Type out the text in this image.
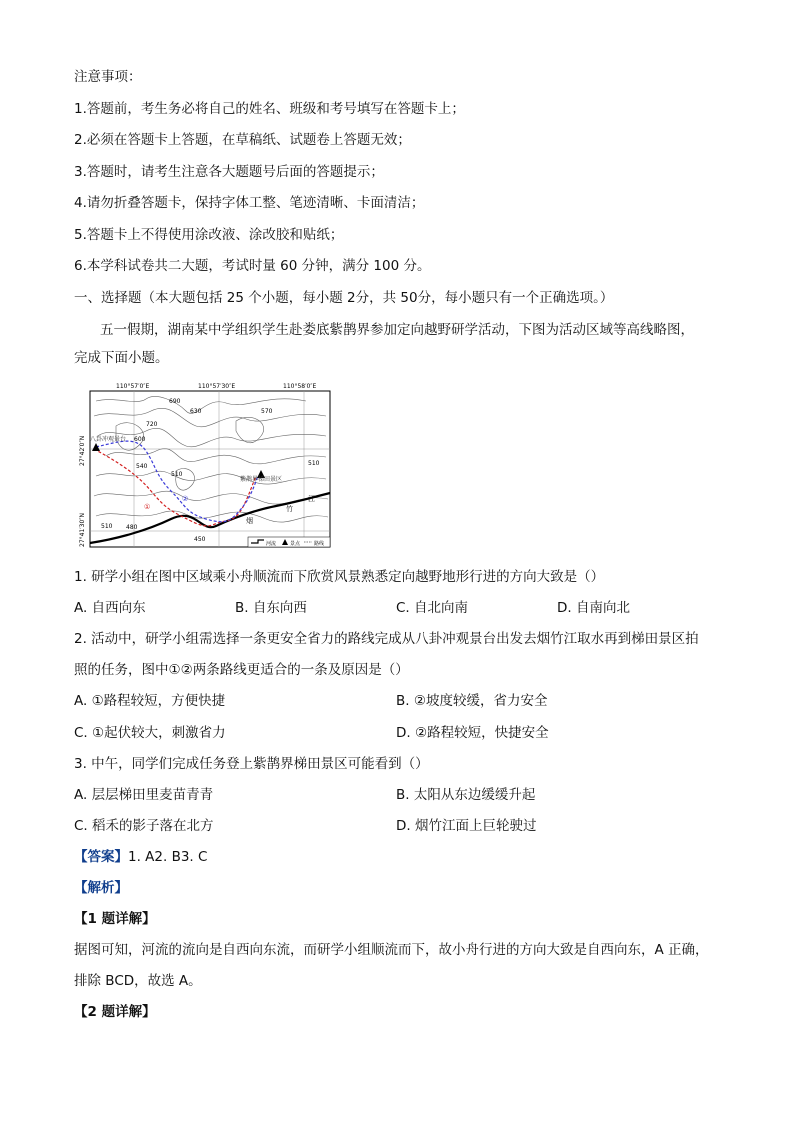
注意事项：
1.答题前，考生务必将自己的姓名、班级和考号填写在答题卡上；
2.必须在答题卡上答题，在草稿纸、试题卷上答题无效；
3.答题时，请考生注意各大题题号后面的答题提示；
4.请勿折叠答题卡，保持字体工整、笔迹清晰、卡面清洁；
5.答题卡上不得使用涂改液、涂改胶和贴纸；
6.本学科试卷共二大题，考试时量 60 分钟，满分 100 分。
一、选择题（本大题包括 25 个小题，每小题 2分，共 50分，每小题只有一个正确选项。）
五一假期，湖南某中学组织学生赴娄底紫鹊界参加定向越野研学活动，下图为活动区域等高线略图，
完成下面小题。
110°57′0″E	110°57′30″E	110°58′0″E
27°42′0″N
27°41′30″N
690
630
720
570
600
510
540	510
480
510
450
八卦冲观景台
紫鹊界梯田景区
烟
竹
江
①
②
河流	景点	路线
1. 研学小组在图中区域乘小舟顺流而下欣赏风景熟悉定向越野地形行进的方向大致是（）
A. 自西向东	B. 自东向西	C. 自北向南	D. 自南向北
2. 活动中，研学小组需选择一条更安全省力的路线完成从八卦冲观景台出发去烟竹江取水再到梯田景区拍
照的任务，图中①②两条路线更适合的一条及原因是（）
A. ①路程较短，方便快捷	B. ②坡度较缓，省力安全
C. ①起伏较大，刺激省力	D. ②路程较短，快捷安全
3. 中午，同学们完成任务登上紫鹊界梯田景区可能看到（）
A. 层层梯田里麦苗青青	B. 太阳从东边缓缓升起
C. 稻禾的影子落在北方	D. 烟竹江面上巨轮驶过
【答案】1. A2. B3. C
【解析】
【1 题详解】
据图可知，河流的流向是自西向东流，而研学小组顺流而下，故小舟行进的方向大致是自西向东，A 正确，
排除 BCD，故选 A。
【2 题详解】
